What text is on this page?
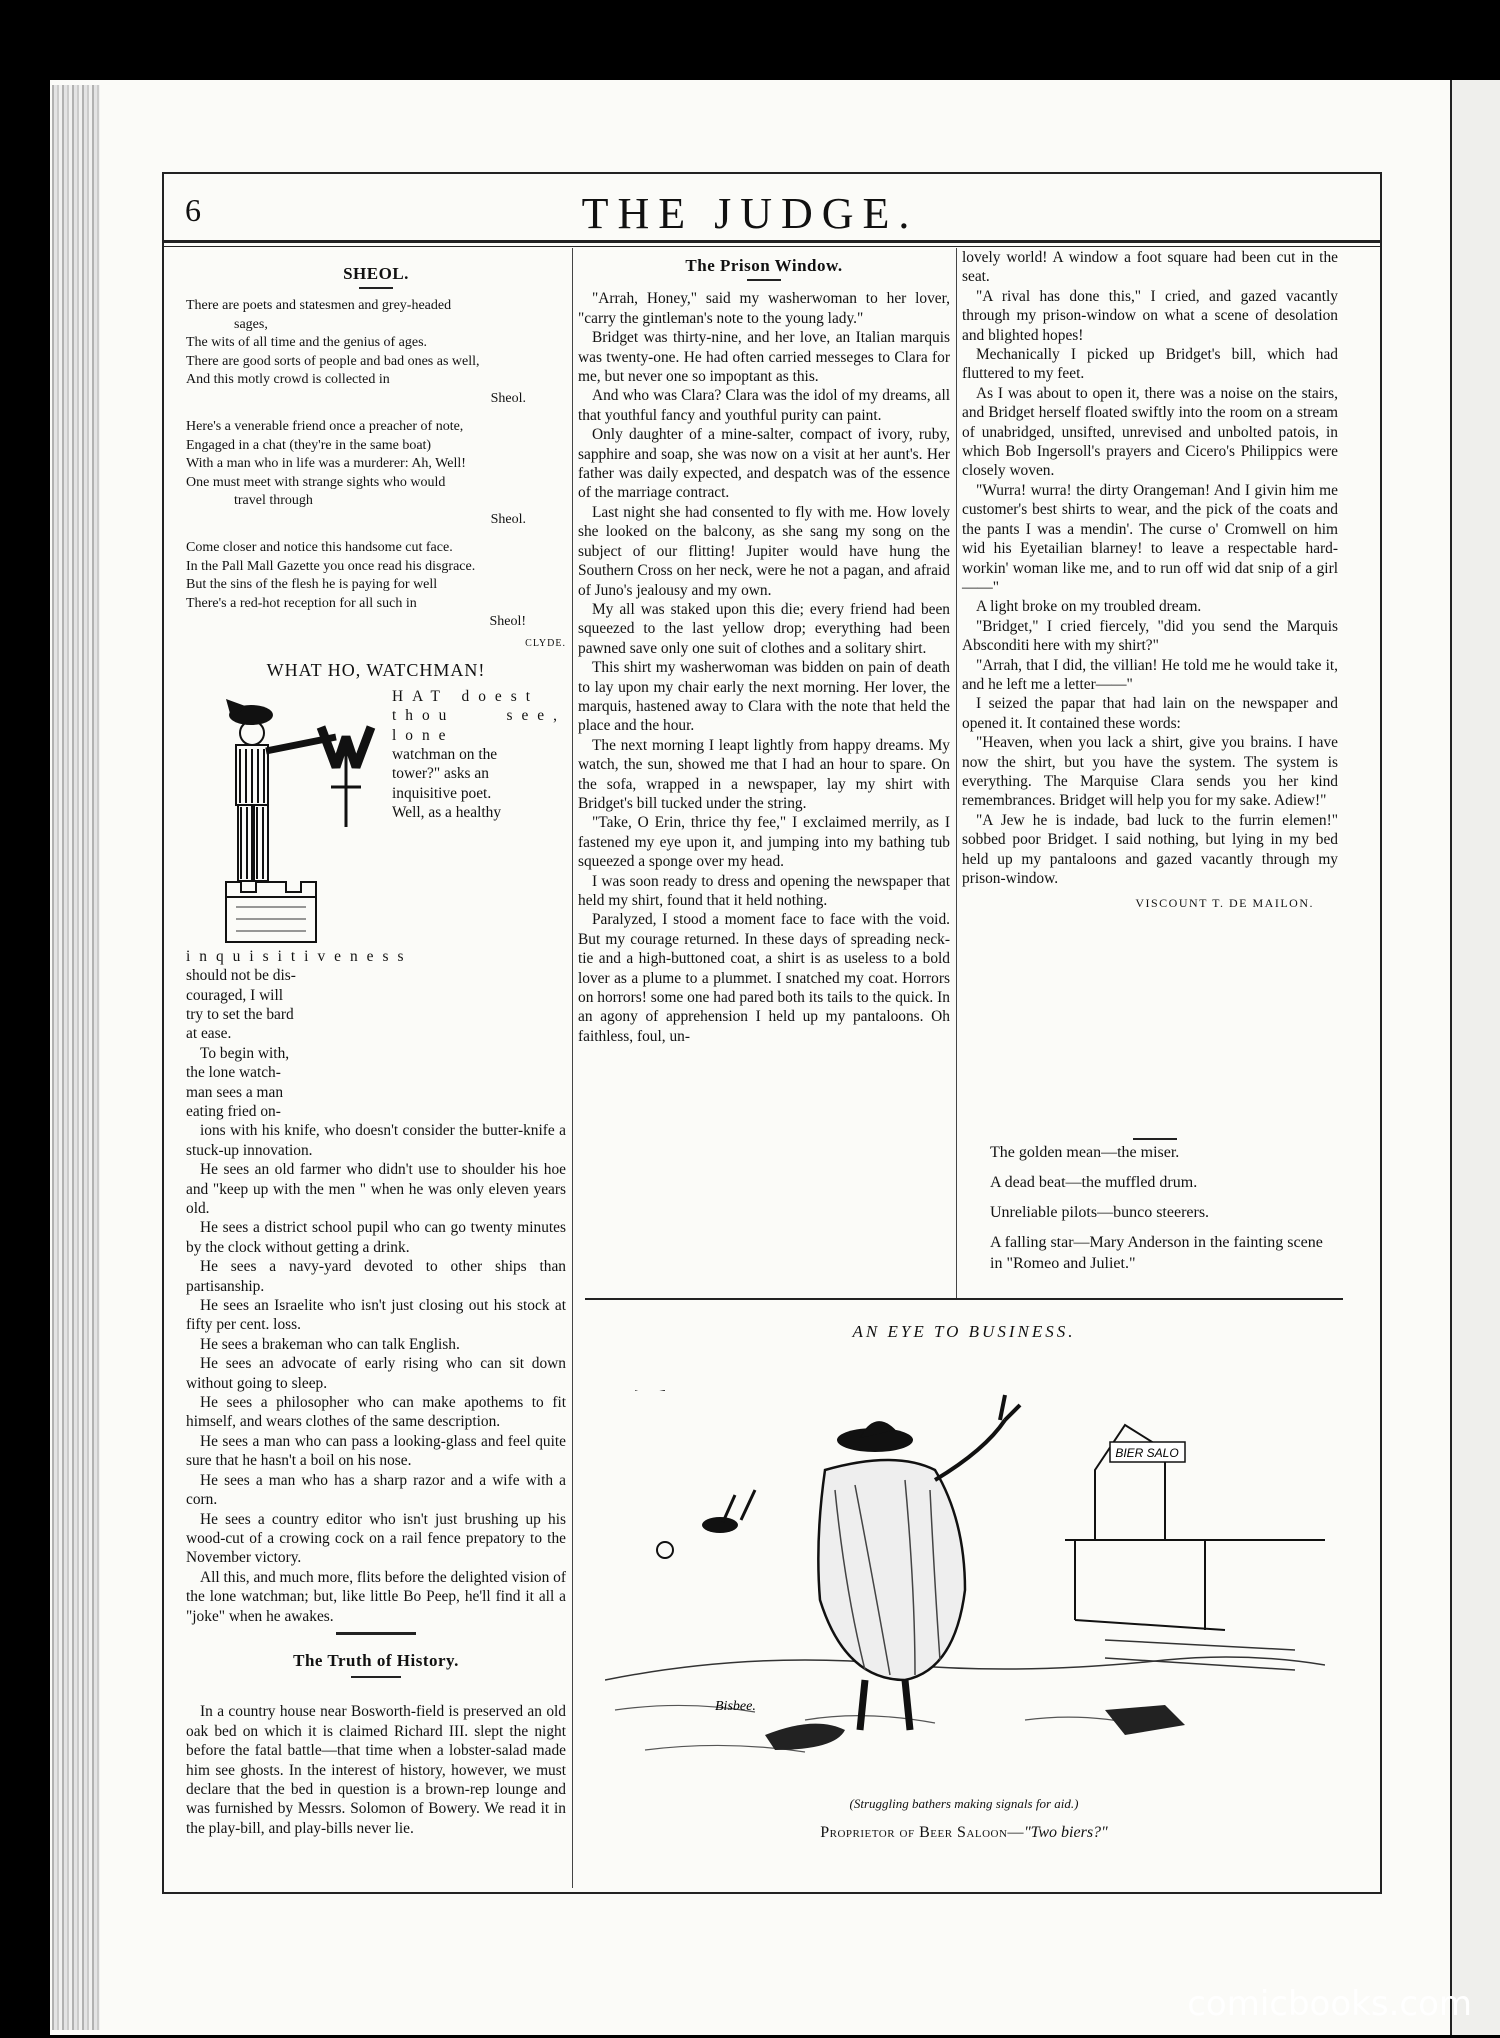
6	THE JUDGE.
SHEOL.
There are poets and statesmen and grey-headed
sages,
The wits of all time and the genius of ages.
There are good sorts of people and bad ones as well,
And this motly crowd is collected in
Sheol.
Here's a venerable friend once a preacher of note,
Engaged in a chat (they're in the same boat)
With a man who in life was a murderer: Ah, Well!
One must meet with strange sights who would
travel through
Sheol.
Come closer and notice this handsome cut face.
In the Pall Mall Gazette you once read his disgrace.
But the sins of the flesh he is paying for well
There's a red-hot reception for all such in
Sheol!
CLYDE.
WHAT HO, WATCHMAN!
HAT doest
thou see, lone
watchman on the
tower?" asks an
inquisitive poet.
Well, as a healthy
inquisitiveness
should not be dis-
couraged, I will
try to set the bard
at ease.
To begin with,
the lone watch-
man sees a man
eating fried on-

ions with his knife, who doesn't consider the butter-knife a stuck-up innovation.

He sees an old farmer who didn't use to shoulder his hoe and "keep up with the men " when he was only eleven years old.

He sees a district school pupil who can go twenty minutes by the clock without getting a drink.

He sees a navy-yard devoted to other ships than partisanship.

He sees an Israelite who isn't just closing out his stock at fifty per cent. loss.

He sees a brakeman who can talk English.

He sees an advocate of early rising who can sit down without going to sleep.

He sees a philosopher who can make apothems to fit himself, and wears clothes of the same description.

He sees a man who can pass a looking-glass and feel quite sure that he hasn't a boil on his nose.

He sees a man who has a sharp razor and a wife with a corn.

He sees a country editor who isn't just brushing up his wood-cut of a crowing cock on a rail fence prepatory to the November victory.

All this, and much more, flits before the delighted vision of the lone watchman; but, like little Bo Peep, he'll find it all a "joke" when he awakes.

The Truth of History.

In a country house near Bosworth-field is preserved an old oak bed on which it is claimed Richard III. slept the night before the fatal battle—that time when a lobster-salad made him see ghosts. In the interest of history, however, we must declare that the bed in question is a brown-rep lounge and was furnished by Messrs. Solomon of Bowery. We read it in the play-bill, and play-bills never lie.

The Prison Window.

"Arrah, Honey," said my washerwoman to her lover, "carry the gintleman's note to the young lady."

Bridget was thirty-nine, and her love, an Italian marquis was twenty-one. He had often carried messeges to Clara for me, but never one so impoptant as this.

And who was Clara? Clara was the idol of my dreams, all that youthful fancy and youthful purity can paint.

Only daughter of a mine-salter, compact of ivory, ruby, sapphire and soap, she was now on a visit at her aunt's. Her father was daily expected, and despatch was of the essence of the marriage contract.

Last night she had consented to fly with me. How lovely she looked on the balcony, as she sang my song on the subject of our flitting! Jupiter would have hung the Southern Cross on her neck, were he not a pagan, and afraid of Juno's jealousy and my own.

My all was staked upon this die; every friend had been squeezed to the last yellow drop; everything had been pawned save only one suit of clothes and a solitary shirt.

This shirt my washerwoman was bidden on pain of death to lay upon my chair early the next morning. Her lover, the marquis, hastened away to Clara with the note that held the place and the hour.

The next morning I leapt lightly from happy dreams. My watch, the sun, showed me that I had an hour to spare. On the sofa, wrapped in a newspaper, lay my shirt with Bridget's bill tucked under the string.

"Take, O Erin, thrice thy fee," I exclaimed merrily, as I fastened my eye upon it, and jumping into my bathing tub squeezed a sponge over my head.

I was soon ready to dress and opening the newspaper that held my shirt, found that it held nothing.

Paralyzed, I stood a moment face to face with the void. But my courage returned. In these days of spreading neck-tie and a high-buttoned coat, a shirt is as useless to a bold lover as a plume to a plummet. I snatched my coat. Horrors on horrors! some one had pared both its tails to the quick. In an agony of apprehension I held up my pantaloons. Oh faithless, foul, un-

lovely world! A window a foot square had been cut in the seat.

"A rival has done this," I cried, and gazed vacantly through my prison-window on what a scene of desolation and blighted hopes!

Mechanically I picked up Bridget's bill, which had fluttered to my feet.

As I was about to open it, there was a noise on the stairs, and Bridget herself floated swiftly into the room on a stream of unabridged, unsifted, unrevised and unbolted patois, in which Bob Ingersoll's prayers and Cicero's Philippics were closely woven.

"Wurra! wurra! the dirty Orangeman! And I givin him me customer's best shirts to wear, and the pick of the coats and the pants I was a mendin'. The curse o' Cromwell on him wid his Eyetailian blarney! to leave a respectable hard-workin' woman like me, and to run off wid dat snip of a girl——"

A light broke on my troubled dream.

"Bridget," I cried fiercely, "did you send the Marquis Absconditi here with my shirt?"

"Arrah, that I did, the villian! He told me he would take it, and he left me a letter——"

I seized the papar that had lain on the newspaper and opened it. It contained these words:

"Heaven, when you lack a shirt, give you brains. I have now the shirt, but you have the system. The system is everything. The Marquise Clara sends you her kind remembrances. Bridget will help you for my sake. Adiew!"

"A Jew he is indade, bad luck to the furrin elemen!" sobbed poor Bridget. I said nothing, but lying in my bed held up my pantaloons and gazed vacantly through my prison-window.

VISCOUNT T. DE MAILON.

The golden mean—the miser.

A dead beat—the muffled drum.

Unreliable pilots—bunco steerers.

A falling star—Mary Anderson in the fainting scene in "Romeo and Juliet."

AN EYE TO BUSINESS.
BIER SALO
Bisbee.
(Struggling bathers making signals for aid.)
Proprietor of Beer Saloon—"Two biers?"
comicbooks.com
